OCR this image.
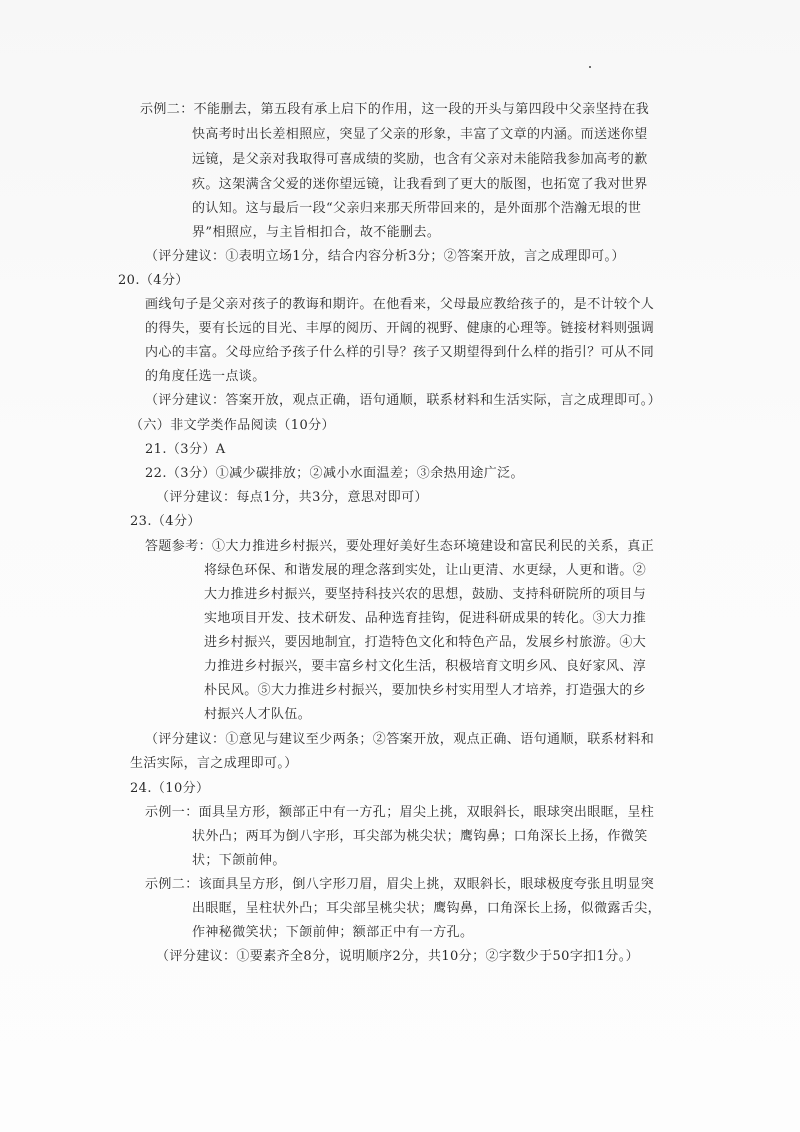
示例二：不能删去，第五段有承上启下的作用，这一段的开头与第四段中父亲坚持在我
快高考时出长差相照应，突显了父亲的形象，丰富了文章的内涵。而送迷你望
远镜，是父亲对我取得可喜成绩的奖励，也含有父亲对未能陪我参加高考的歉
疚。这架满含父爱的迷你望远镜，让我看到了更大的版图，也拓宽了我对世界
的认知。这与最后一段“父亲归来那天所带回来的，是外面那个浩瀚无垠的世
界”相照应，与主旨相扣合，故不能删去。
（评分建议：①表明立场1分，结合内容分析3分；②答案开放，言之成理即可。）
20.（4分）
画线句子是父亲对孩子的教诲和期许。在他看来，父母最应教给孩子的，是不计较个人
的得失，要有长远的目光、丰厚的阅历、开阔的视野、健康的心理等。链接材料则强调
内心的丰富。父母应给予孩子什么样的引导？孩子又期望得到什么样的指引？可从不同
的角度任选一点谈。
（评分建议：答案开放，观点正确，语句通顺，联系材料和生活实际，言之成理即可。）
（六）非文学类作品阅读（10分）
21.（3分）A
22.（3分）①减少碳排放；②减小水面温差；③余热用途广泛。
（评分建议：每点1分，共3分，意思对即可）
23.（4分）
答题参考：①大力推进乡村振兴，要处理好美好生态环境建设和富民利民的关系，真正
将绿色环保、和谐发展的理念落到实处，让山更清、水更绿，人更和谐。②
大力推进乡村振兴，要坚持科技兴农的思想，鼓励、支持科研院所的项目与
实地项目开发、技术研发、品种选育挂钩，促进科研成果的转化。③大力推
进乡村振兴，要因地制宜，打造特色文化和特色产品，发展乡村旅游。④大
力推进乡村振兴，要丰富乡村文化生活，积极培育文明乡风、良好家风、淳
朴民风。⑤大力推进乡村振兴，要加快乡村实用型人才培养，打造强大的乡
村振兴人才队伍。
（评分建议：①意见与建议至少两条；②答案开放，观点正确、语句通顺，联系材料和
生活实际，言之成理即可。）
24.（10分）
示例一：面具呈方形，额部正中有一方孔；眉尖上挑，双眼斜长，眼球突出眼眶，呈柱
状外凸；两耳为倒八字形，耳尖部为桃尖状；鹰钩鼻；口角深长上扬，作微笑
状；下颌前伸。
示例二：该面具呈方形，倒八字形刀眉，眉尖上挑，双眼斜长，眼球极度夸张且明显突
出眼眶，呈柱状外凸；耳尖部呈桃尖状；鹰钩鼻，口角深长上扬，似微露舌尖，
作神秘微笑状；下颌前伸；额部正中有一方孔。
（评分建议：①要素齐全8分，说明顺序2分，共10分；②字数少于50字扣1分。）
